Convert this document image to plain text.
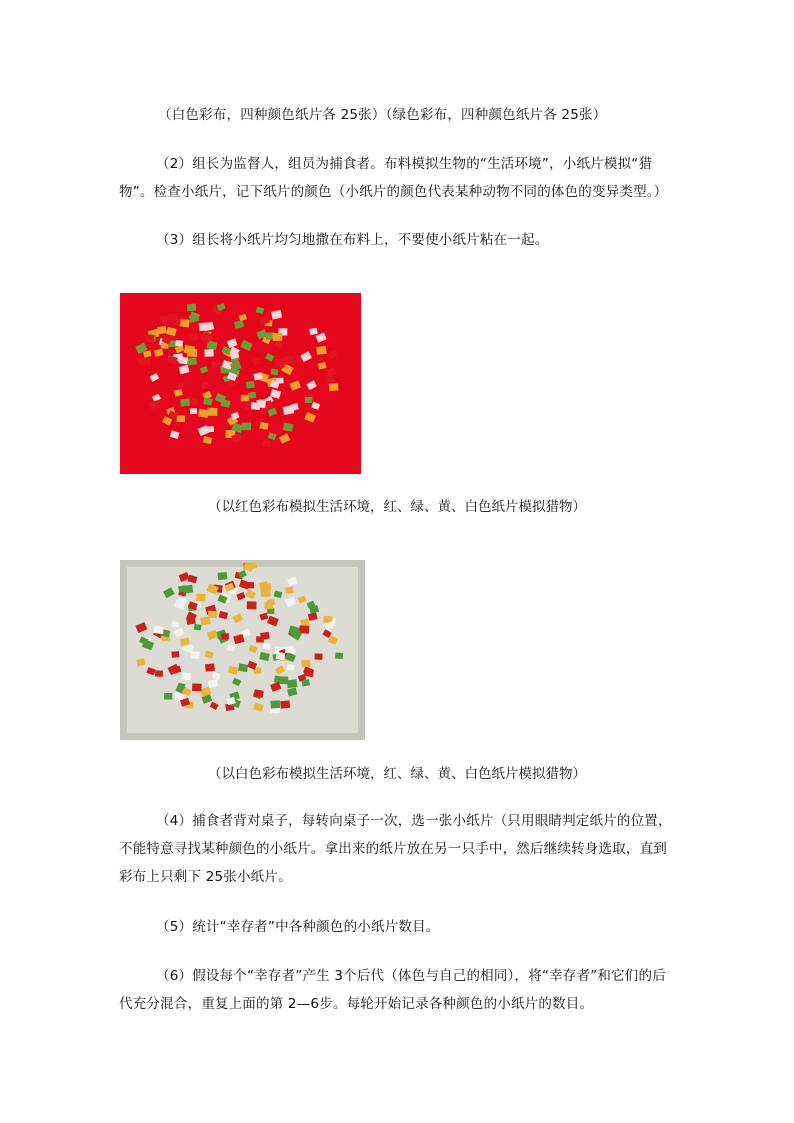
（白色彩布，四种颜色纸片各 25张）（绿色彩布，四种颜色纸片各 25张）

（2）组长为监督人，组员为捕食者。布料模拟生物的“生活环境”，小纸片模拟“猎物”。检查小纸片，记下纸片的颜色（小纸片的颜色代表某种动物不同的体色的变异类型。）

（3）组长将小纸片均匀地撒在布料上，不要使小纸片粘在一起。

（以红色彩布模拟生活环境，红、绿、黄、白色纸片模拟猎物）

（以白色彩布模拟生活环境，红、绿、黄、白色纸片模拟猎物）

（4）捕食者背对桌子，每转向桌子一次，选一张小纸片（只用眼睛判定纸片的位置，不能特意寻找某种颜色的小纸片。拿出来的纸片放在另一只手中，然后继续转身选取，直到彩布上只剩下 25张小纸片。

（5）统计“幸存者”中各种颜色的小纸片数目。

（6）假设每个“幸存者”产生 3个后代（体色与自己的相同），将“幸存者”和它们的后代充分混合，重复上面的第 2—6步。每轮开始记录各种颜色的小纸片的数目。
